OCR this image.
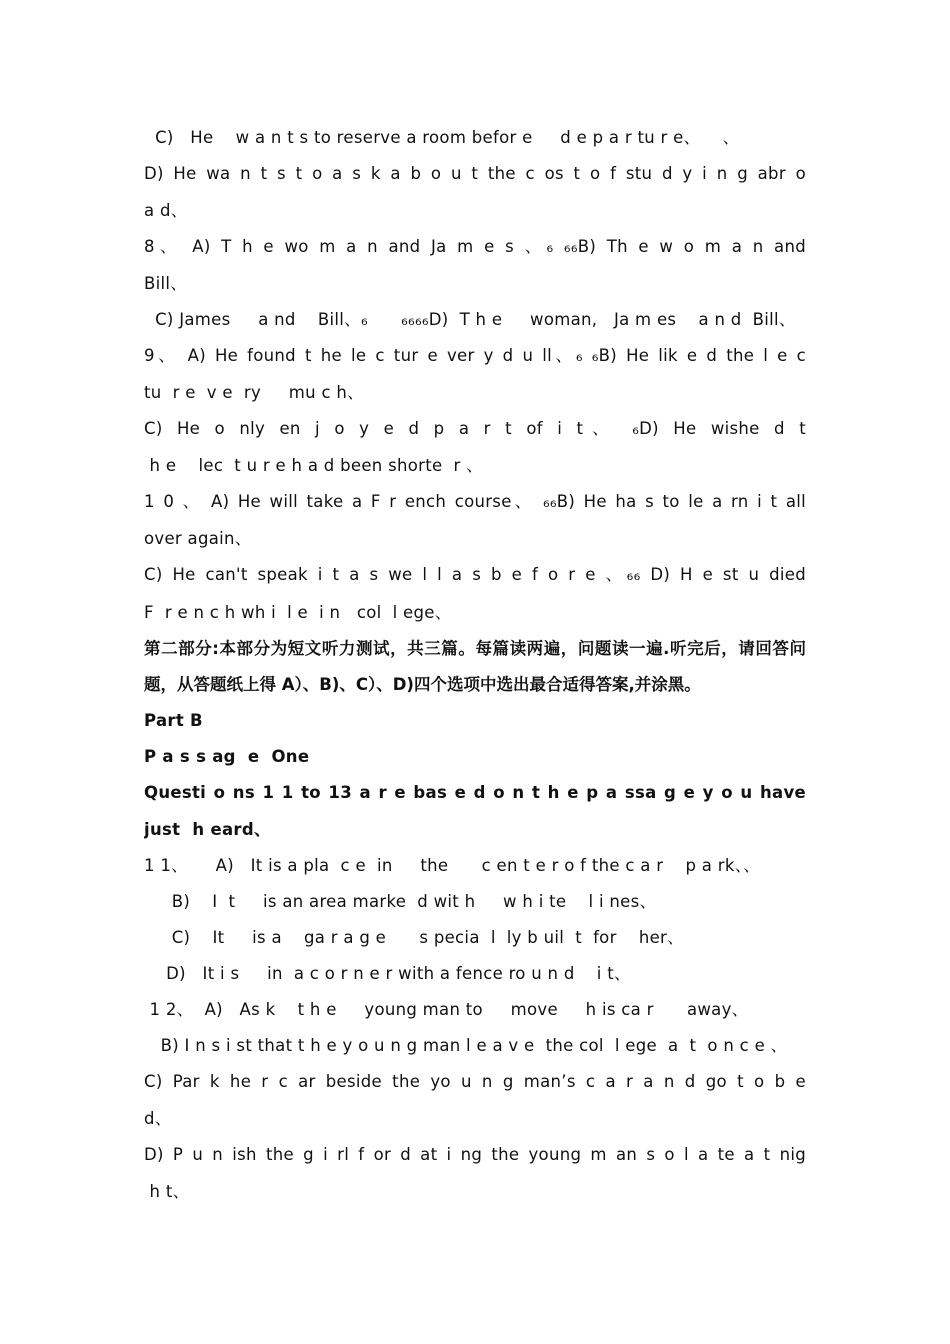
C)   He    w a n t s to reserve a room befor e     d e p a r tu r e、    、
D) He wa n t s t o a s k a b o u t the c os t o f stu d y i n g abr o
a d、
8、 A) T h e wo m a n and Ja m e s 、₆ ₆₆B) Th e w o m a n and
Bill、
C) James     a nd    Bill、₆      ₆₆₆₆D)  T h e     woman,   Ja m es    a n d  Bill、
9、 A) He found t he le c tur e ver y d u ll、₆ ₆B) He lik e d the l e c
tu  r e  v e  ry     mu c h、
C) He o nly en j o y e d p a r t of i t、 ₆D) He wishe d t
h e    lec  t u r e h a d been shorte  r 、
1 0 、 A) He will take a F r ench course、 ₆₆B) He ha s to le a rn i t all
over again、
C) He can't speak i t a s we l l a s b e f o r e 、₆₆ D) H e st u died
F  r e n c h wh i  l e  i n   col  l ege、
第二部分:本部分为短文听力测试，共三篇。每篇读两遍，问题读一遍.听完后，请回答问
题，从答题纸上得 A）、B)、C）、D)四个选项中选出最合适得答案,并涂黑。
Part B
P a s s ag  e  One
Questi o ns 1 1 to 13 a r e bas e d o n t h e p a ssa g e y o u have
just  h eard、
1 1、     A)   It is a pla  c e  in     the      c en t e r o f the c a r    p a rk、、
B)    I  t     is an area marke  d wit h     w h i te    l i nes、
C)    It     is a    ga r a g e      s pecia  l  ly b uil  t  for    her、
D)   It i s     in  a c o r n e r with a fence ro u n d    i t、
1 2、  A)   As k    t h e     young man to     move     h is ca r      away、
B) I n s i st that t h e y o u n g man l e a v e  the col  l ege  a  t  o n c e 、
C) Par k he r c ar beside the yo u n g man’s c a r a n d go t o b e
d、
D) P u n ish the g i rl f or d at i ng the young m an s o l a te a t nig
h t、
